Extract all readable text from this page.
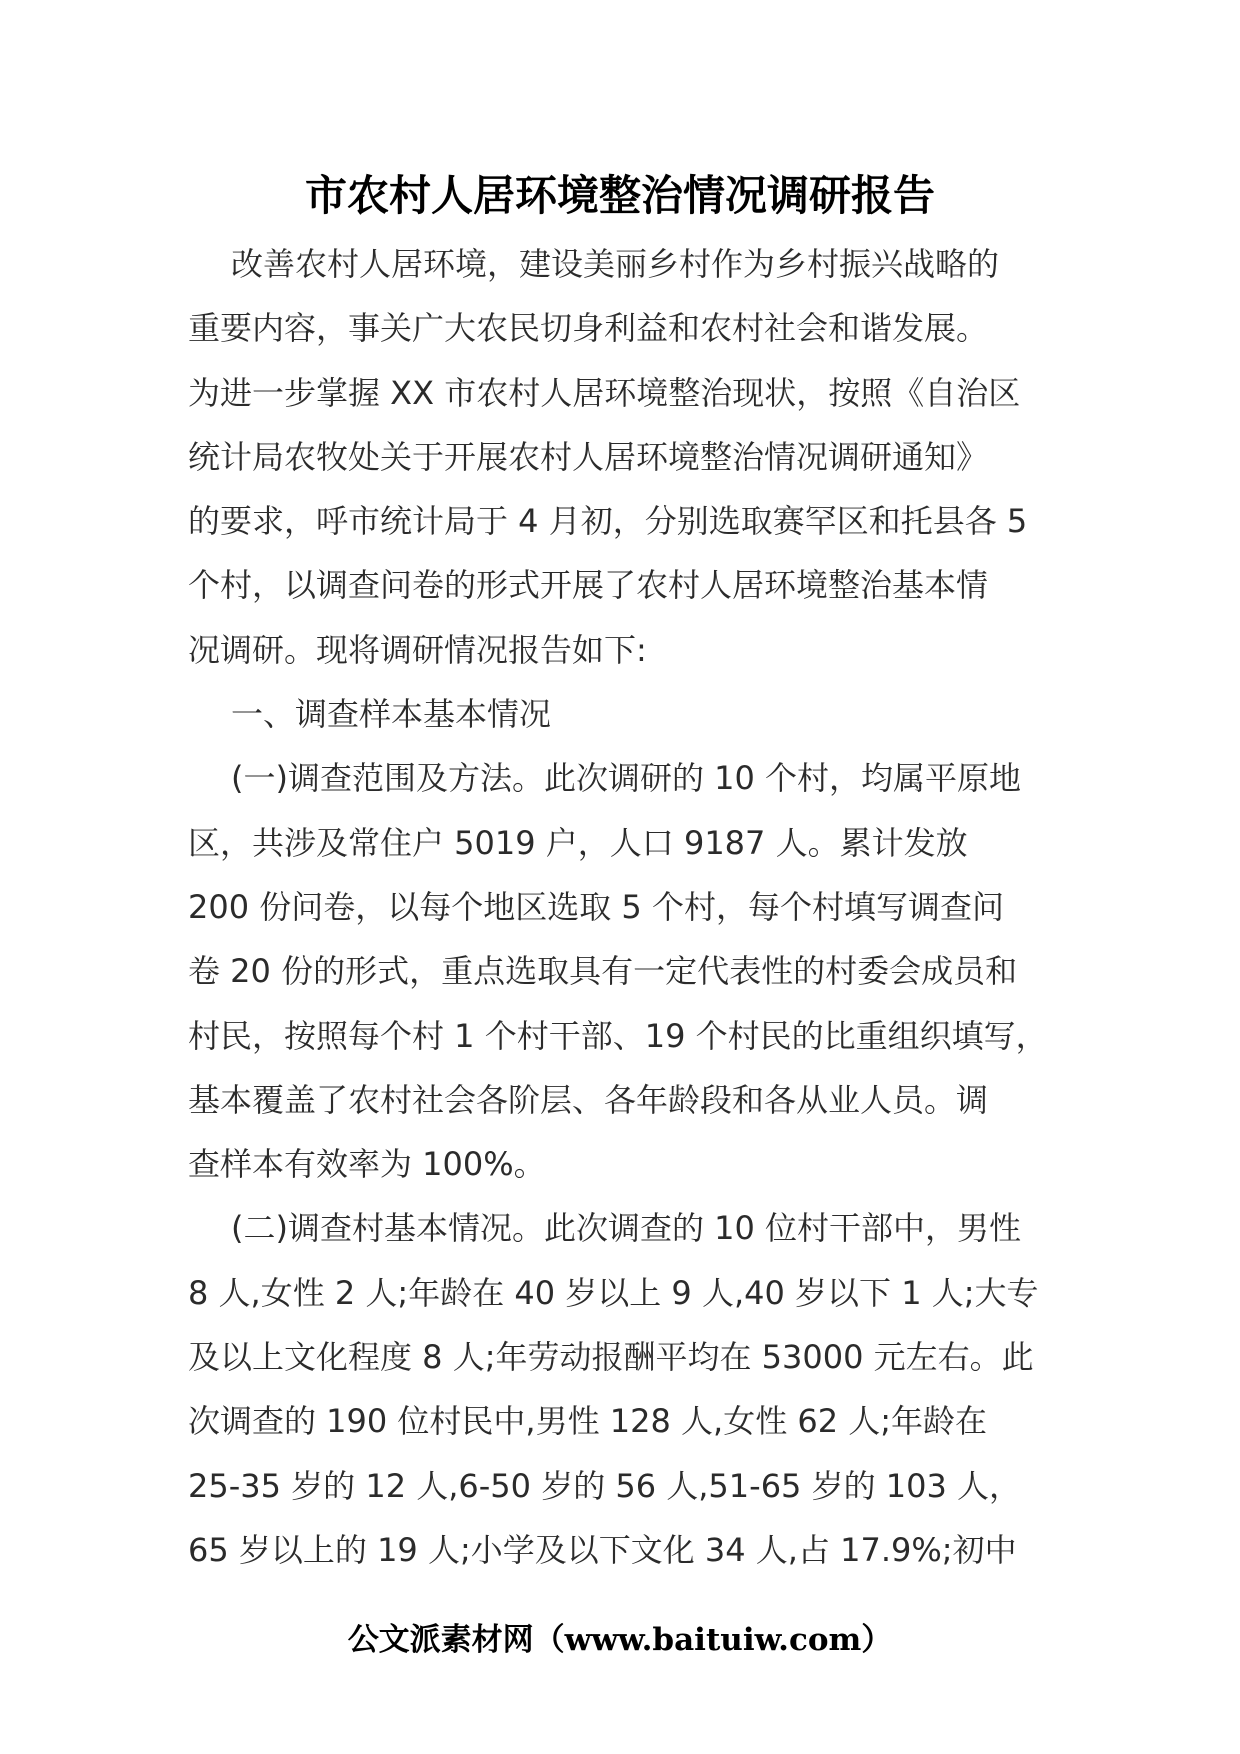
市农村人居环境整治情况调研报告
改善农村人居环境，建设美丽乡村作为乡村振兴战略的
重要内容，事关广大农民切身利益和农村社会和谐发展。
为进一步掌握 XX 市农村人居环境整治现状，按照《自治区
统计局农牧处关于开展农村人居环境整治情况调研通知》
的要求，呼市统计局于 4 月初，分别选取赛罕区和托县各 5
个村，以调查问卷的形式开展了农村人居环境整治基本情
况调研。现将调研情况报告如下:
一、调查样本基本情况
(一)调查范围及方法。此次调研的 10 个村，均属平原地
区，共涉及常住户 5019 户，人口 9187 人。累计发放
200 份问卷，以每个地区选取 5 个村，每个村填写调查问
卷 20 份的形式，重点选取具有一定代表性的村委会成员和
村民，按照每个村 1 个村干部、19 个村民的比重组织填写，
基本覆盖了农村社会各阶层、各年龄段和各从业人员。调
查样本有效率为 100%。
(二)调查村基本情况。此次调查的 10 位村干部中，男性
8 人,女性 2 人;年龄在 40 岁以上 9 人,40 岁以下 1 人;大专
及以上文化程度 8 人;年劳动报酬平均在 53000 元左右。此
次调查的 190 位村民中,男性 128 人,女性 62 人;年龄在
25-35 岁的 12 人,6-50 岁的 56 人,51-65 岁的 103 人，
65 岁以上的 19 人;小学及以下文化 34 人,占 17.9%;初中
公文派素材网（www.baituiw.com）
